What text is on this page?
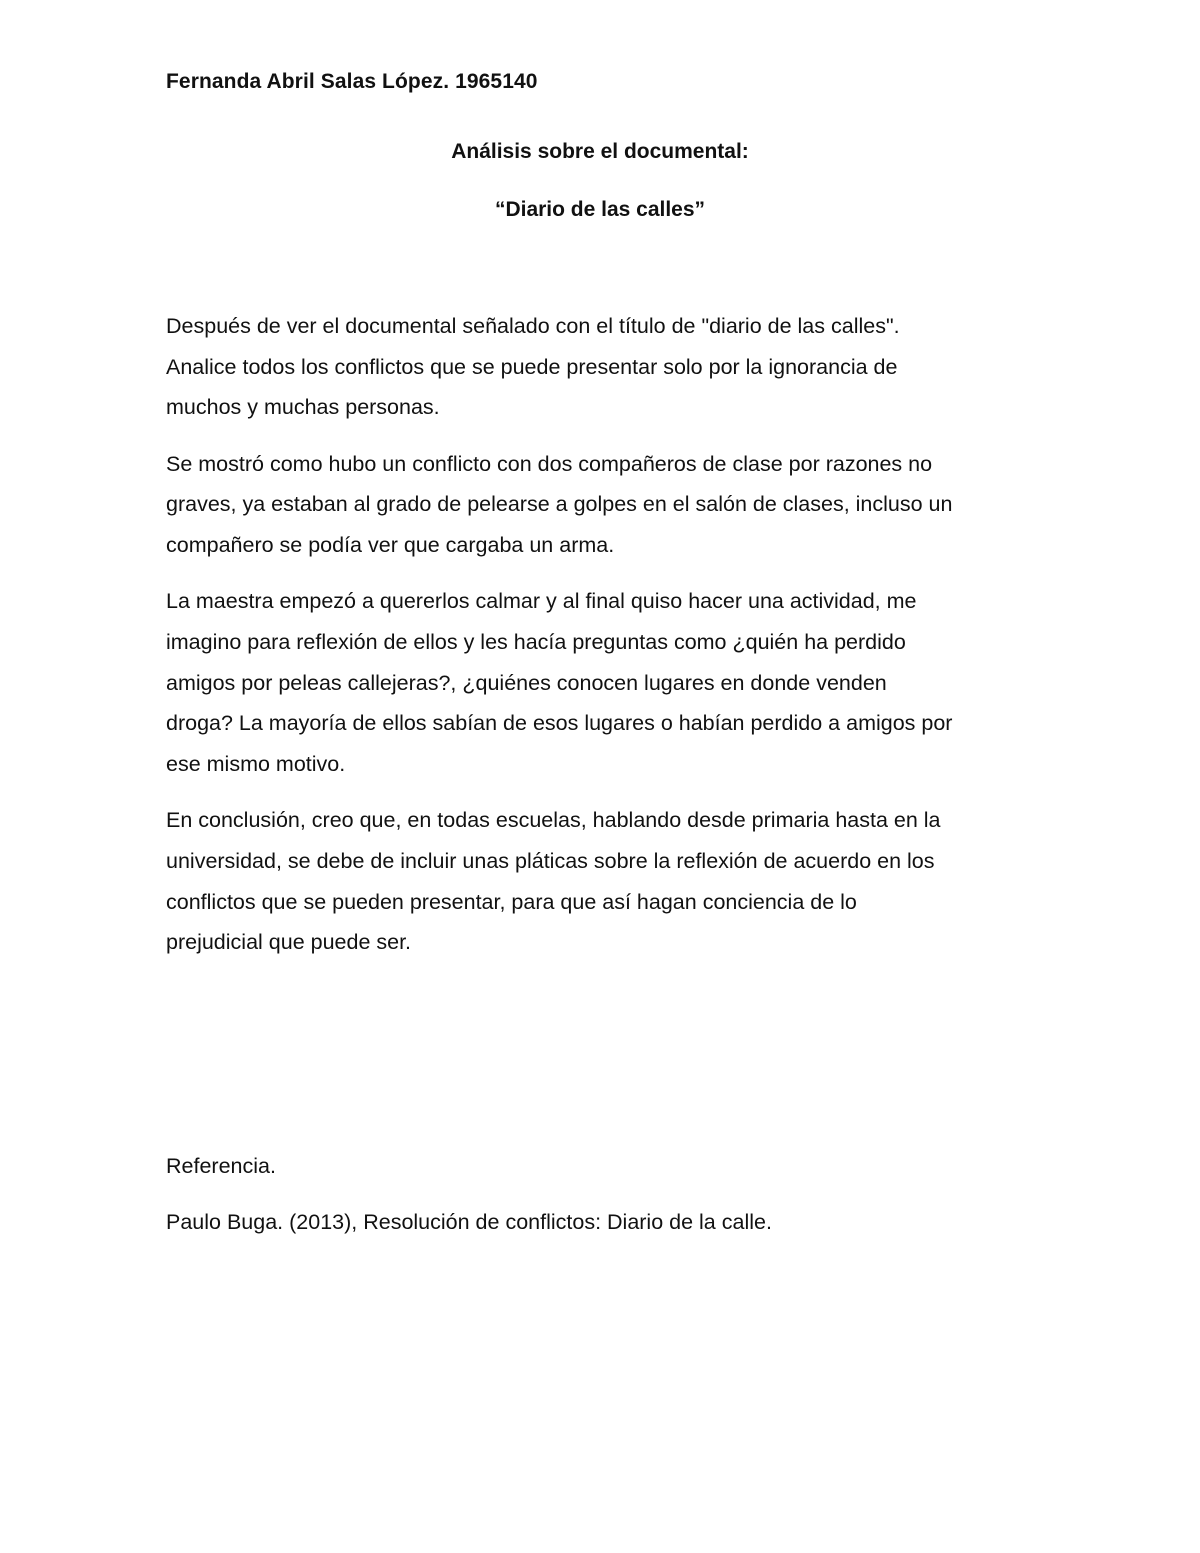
Fernanda Abril Salas López. 1965140

Análisis sobre el documental:

“Diario de las calles”

Después de ver el documental señalado con el título de "diario de las calles".
Analice todos los conflictos que se puede presentar solo por la ignorancia de
muchos y muchas personas.

Se mostró como hubo un conflicto con dos compañeros de clase por razones no
graves, ya estaban al grado de pelearse a golpes en el salón de clases, incluso un
compañero se podía ver que cargaba un arma.

La maestra empezó a quererlos calmar y al final quiso hacer una actividad, me
imagino para reflexión de ellos y les hacía preguntas como ¿quién ha perdido
amigos por peleas callejeras?, ¿quiénes conocen lugares en donde venden
droga? La mayoría de ellos sabían de esos lugares o habían perdido a amigos por
ese mismo motivo.

En conclusión, creo que, en todas escuelas, hablando desde primaria hasta en la
universidad, se debe de incluir unas pláticas sobre la reflexión de acuerdo en los
conflictos que se pueden presentar, para que así hagan conciencia de lo
prejudicial que puede ser.

Referencia.

Paulo Buga. (2013), Resolución de conflictos: Diario de la calle.
